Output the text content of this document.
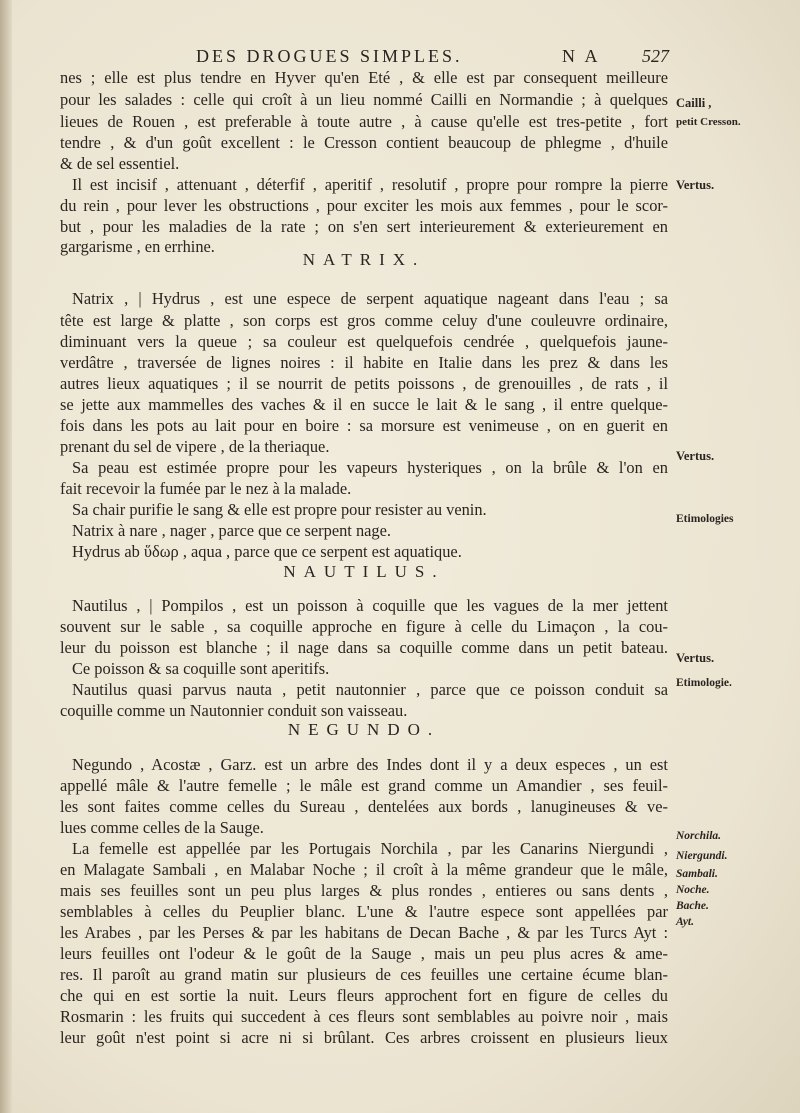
DES DROGUES SIMPLES.	N A 527
nes ; elle est plus tendre en Hyver qu'en Eté , & elle est par consequent meilleure
pour les salades : celle qui croît à un lieu nommé Cailli en Normandie ; à quelques
lieues de Rouen , est preferable à toute autre , à cause qu'elle est tres-petite , fort
tendre , & d'un goût excellent : le Cresson contient beaucoup de phlegme , d'huile
& de sel essentiel.
Il est incisif , attenuant , déterfif , aperitif , resolutif , propre pour rompre la pierre
du rein , pour lever les obstructions , pour exciter les mois aux femmes , pour le scor-
but , pour les maladies de la rate ; on s'en sert interieurement & exterieurement en
gargarisme , en errhine.
NATRIX.
Natrix , | Hydrus , est une espece de serpent aquatique nageant dans l'eau ; sa
tête est large & platte , son corps est gros comme celuy d'une couleuvre ordinaire,
diminuant vers la queue ; sa couleur est quelquefois cendrée , quelquefois jaune-
verdâtre , traversée de lignes noires : il habite en Italie dans les prez & dans les
autres lieux aquatiques ; il se nourrit de petits poissons , de grenouilles , de rats , il
se jette aux mammelles des vaches & il en succe le lait & le sang , il entre quelque-
fois dans les pots au lait pour en boire : sa morsure est venimeuse , on en guerit en
prenant du sel de vipere , de la theriaque.
Sa peau est estimée propre pour les vapeurs hysteriques , on la brûle & l'on en
fait recevoir la fumée par le nez à la malade.
Sa chair purifie le sang & elle est propre pour resister au venin.
Natrix à nare , nager , parce que ce serpent nage.
Hydrus ab ὕδωρ , aqua , parce que ce serpent est aquatique.
NAUTILUS.
Nautilus , | Pompilos , est un poisson à coquille que les vagues de la mer jettent
souvent sur le sable , sa coquille approche en figure à celle du Limaçon , la cou-
leur du poisson est blanche ; il nage dans sa coquille comme dans un petit bateau.
Ce poisson & sa coquille sont aperitifs.
Nautilus quasi parvus nauta , petit nautonnier , parce que ce poisson conduit sa
coquille comme un Nautonnier conduit son vaisseau.
NEGUNDO.
Negundo , Acostæ , Garz. est un arbre des Indes dont il y a deux especes , un est
appellé mâle & l'autre femelle ; le mâle est grand comme un Amandier , ses feuil-
les sont faites comme celles du Sureau , dentelées aux bords , lanugineuses & ve-
lues comme celles de la Sauge.
La femelle est appellée par les Portugais Norchila , par les Canarins Niergundi ,
en Malagate Sambali , en Malabar Noche ; il croît à la même grandeur que le mâle,
mais ses feuilles sont un peu plus larges & plus rondes , entieres ou sans dents ,
semblables à celles du Peuplier blanc. L'une & l'autre espece sont appellées par
les Arabes , par les Perses & par les habitans de Decan Bache , & par les Turcs Ayt :
leurs feuilles ont l'odeur & le goût de la Sauge , mais un peu plus acres & ame-
res. Il paroît au grand matin sur plusieurs de ces feuilles une certaine écume blan-
che qui en est sortie la nuit. Leurs fleurs approchent fort en figure de celles du
Rosmarin : les fruits qui succedent à ces fleurs sont semblables au poivre noir , mais
leur goût n'est point si acre ni si brûlant. Ces arbres croissent en plusieurs lieux
Cailli ,
petit Cresson.
Vertus.
Vertus.
Etimologies
Vertus.
Etimologie.
Norchila.
Niergundi.
Sambali.
Noche.
Bache.
Ayt.
